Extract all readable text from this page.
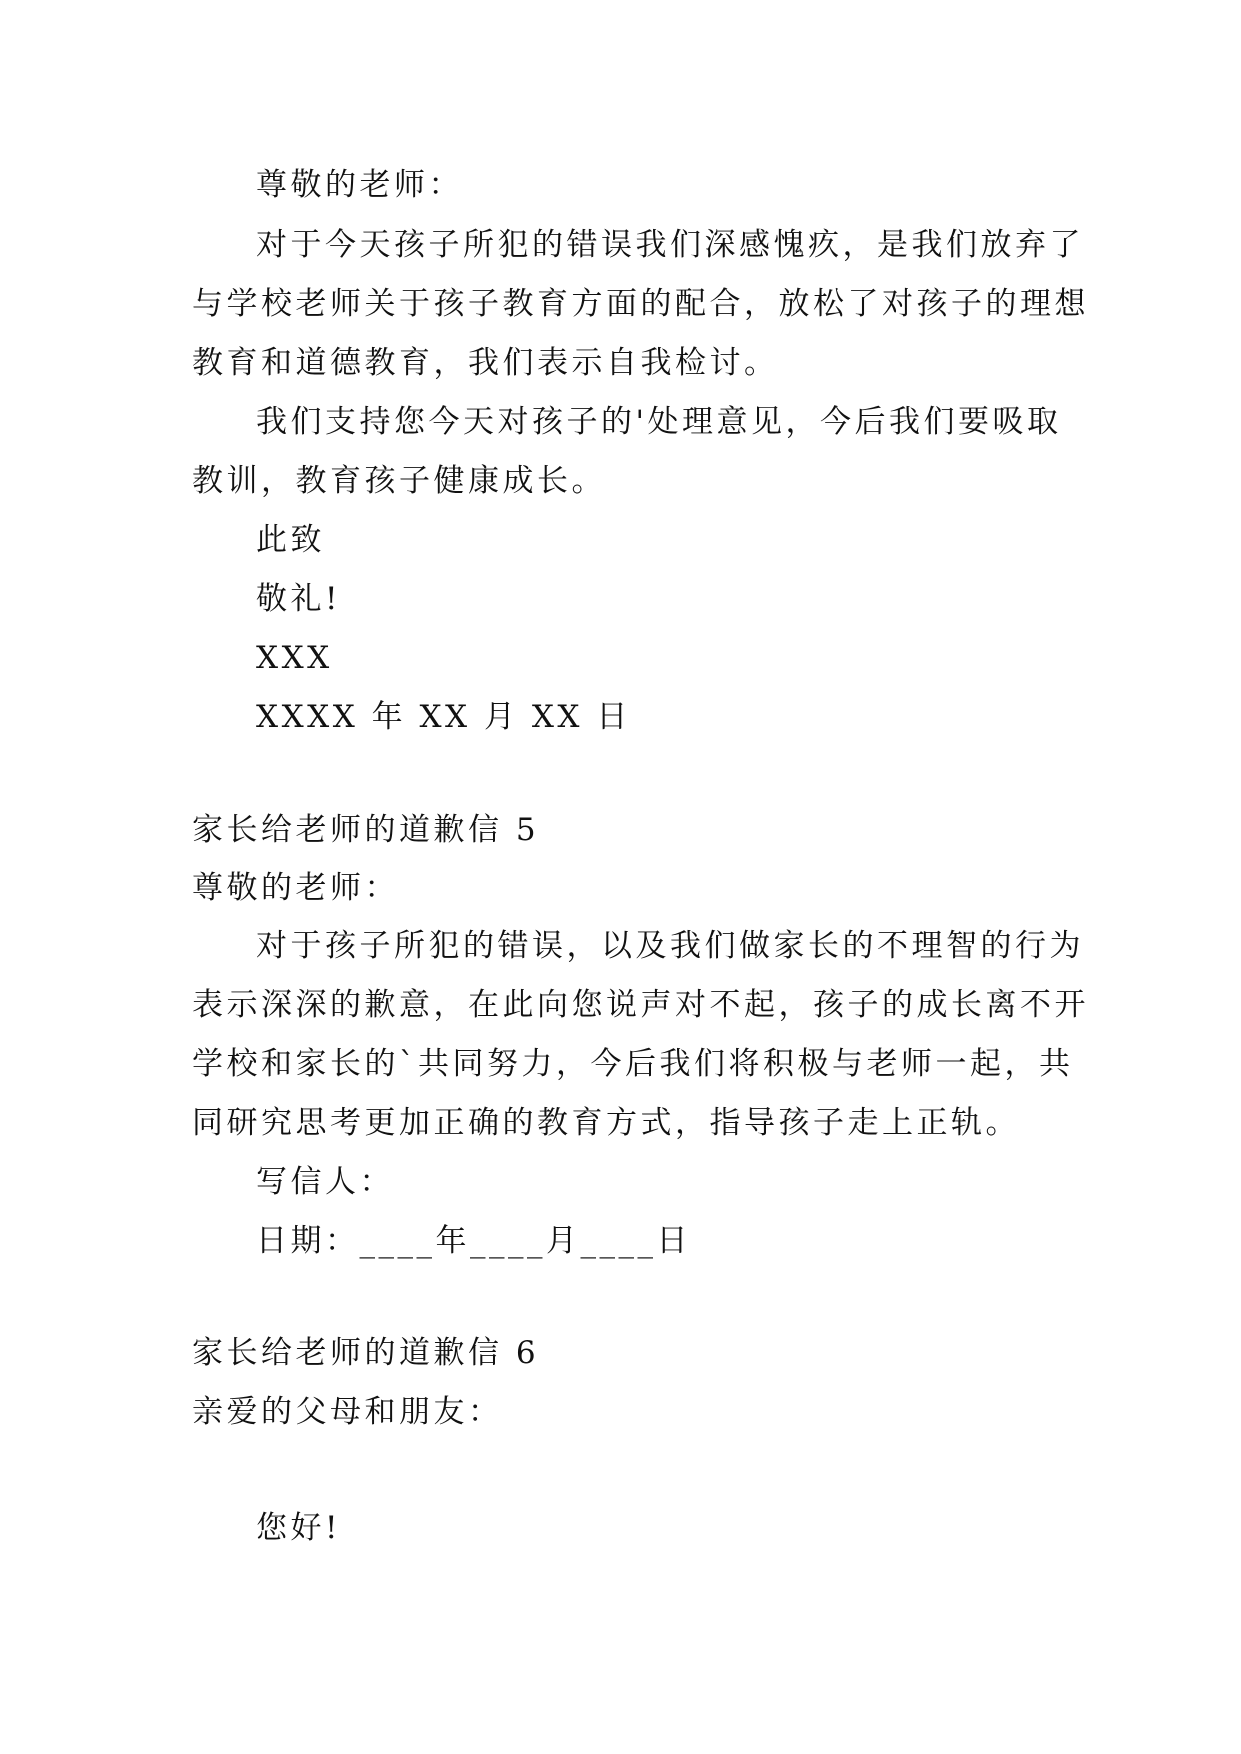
尊敬的老师：
对于今天孩子所犯的错误我们深感愧疚，是我们放弃了
与学校老师关于孩子教育方面的配合，放松了对孩子的理想
教育和道德教育，我们表示自我检讨。
我们支持您今天对孩子的'处理意见，今后我们要吸取
教训，教育孩子健康成长。
此致
敬礼!
XXX
XXXX 年 XX 月 XX 日
家长给老师的道歉信 5
尊敬的老师：
对于孩子所犯的错误，以及我们做家长的不理智的行为
表示深深的歉意，在此向您说声对不起，孩子的成长离不开
学校和家长的`共同努力，今后我们将积极与老师一起，共
同研究思考更加正确的教育方式，指导孩子走上正轨。
写信人：
日期：____年____月____日
家长给老师的道歉信 6
亲爱的父母和朋友：
您好!
